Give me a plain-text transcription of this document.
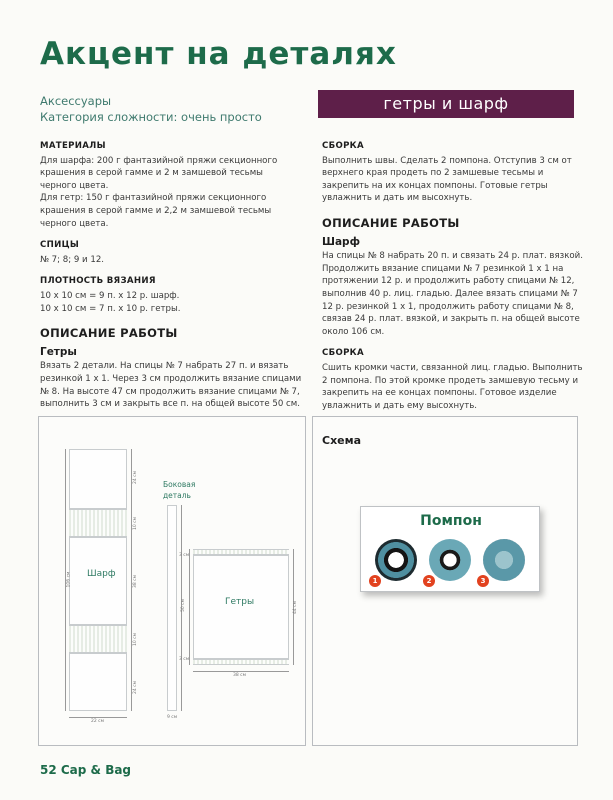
Акцент на деталях
Аксессуары
Категория сложности: очень просто
гетры и шарф
МАТЕРИАЛЫ

Для шарфа: 200 г фантазийной пряжи секционного крашения в серой гамме и 2 м замшевой тесьмы черного цвета.

Для гетр: 150 г фантазийной пряжи секционного крашения в серой гамме и 2,2 м замшевой тесьмы черного цвета.

СПИЦЫ

№ 7; 8; 9 и 12.

ПЛОТНОСТЬ ВЯЗАНИЯ

10 х 10 см = 9 п. х 12 р. шарф.

10 х 10 см = 7 п. х 10 р. гетры.

ОПИСАНИЕ РАБОТЫ
Гетры

Вязать 2 детали. На спицы № 7 набрать 27 п. и вязать резинкой 1 х 1. Через 3 см продолжить вязание спицами № 8. На высоте 47 см продолжить вязание спицами № 7, выполнить 3 см и закрыть все п. на общей высоте 50 см.

СБОРКА

Выполнить швы. Сделать 2 помпона. Отступив 3 см от верхнего края продеть по 2 замшевые тесьмы и закрепить на их концах помпоны. Готовые гетры увлажнить и дать им высохнуть.

ОПИСАНИЕ РАБОТЫ
Шарф

На спицы № 8 набрать 20 п. и связать 24 р. плат. вязкой. Продолжить вязание спицами № 7 резинкой 1 х 1 на протяжении 12 р. и продолжить работу спицами № 12, выполнив 40 р. лиц. гладью. Далее вязать спицами № 7 12 р. резинкой 1 х 1, продолжить работу спицами № 8, связав 24 р. плат. вязкой, и закрыть п. на общей высоте около 106 см.

СБОРКА

Сшить кромки части, связанной лиц. гладью. Выполнить 2 помпона. По этой кромке продеть замшевую тесьму и закрепить на ее концах помпоны. Готовое изделие увлажнить и дать ему высохнуть.

Шарф
106 см
24 см
10 см
38 см
10 см
24 см
22 см
Боковая деталь
50 см
9 см
Гетры
3 см
3 см
44 см
38 см
Схема
Помпон
1	2	3
52 Cap & Bag
